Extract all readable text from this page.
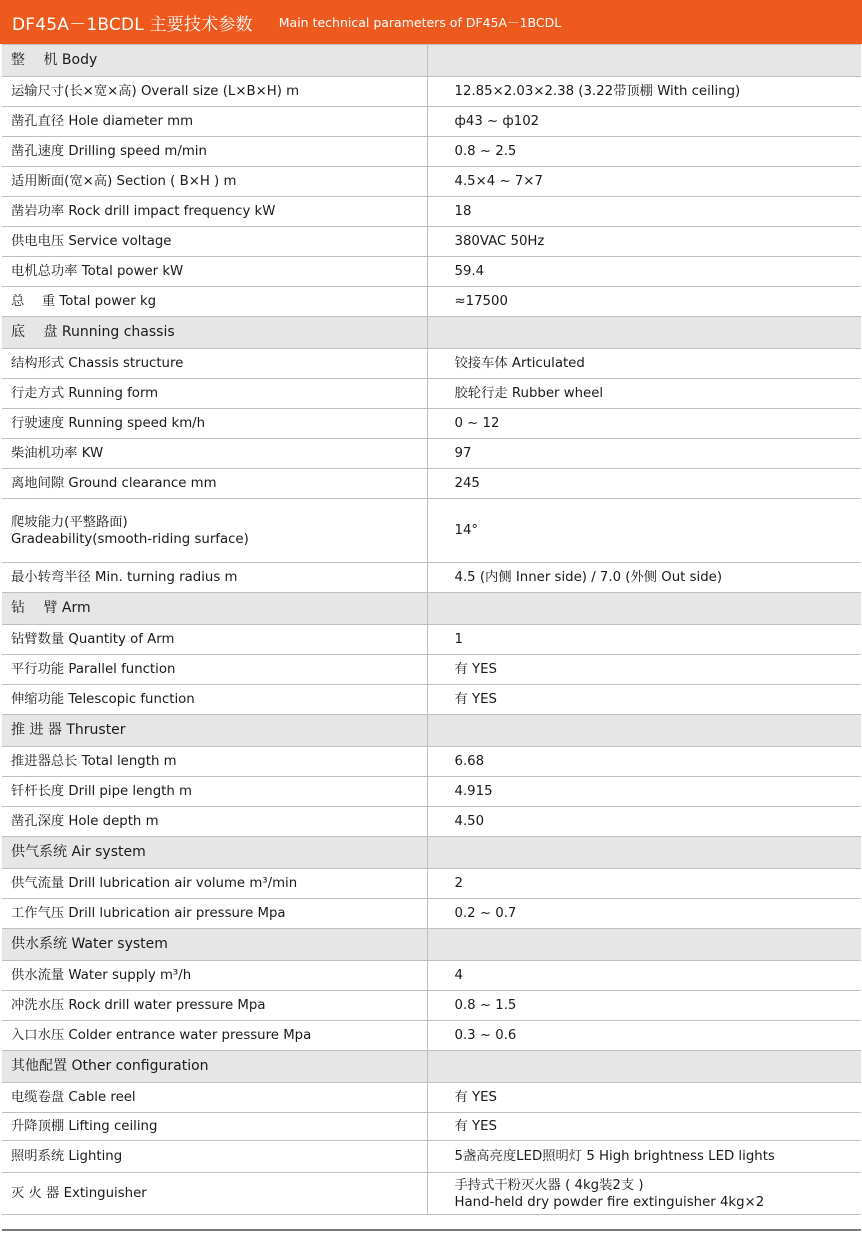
DF45A－1BCDL 主要技术参数 Main technical parameters of DF45A－1BCDL
整　 机 Body	
运输尺寸(长×宽×高) Overall size (L×B×H) m	12.85×2.03×2.38 (3.22带顶棚 With ceiling)
凿孔直径 Hole diameter mm	ф43 ~ ф102
凿孔速度 Drilling speed m/min	0.8 ~ 2.5
适用断面(宽×高) Section ( B×H ) m	4.5×4 ~ 7×7
凿岩功率 Rock drill impact frequency kW	18
供电电压 Service voltage	380VAC 50Hz
电机总功率 Total power kW	59.4
总　 重 Total power kg	≈17500
底　 盘 Running chassis	
结构形式 Chassis structure	铰接车体 Articulated
行走方式 Running form	胶轮行走 Rubber wheel
行驶速度 Running speed km/h	0 ~ 12
柴油机功率 KW	97
离地间隙 Ground clearance mm	245
爬坡能力(平整路面)
Gradeability(smooth-riding surface)	14°
最小转弯半径 Min. turning radius m	4.5 (内侧 Inner side) / 7.0 (外侧 Out side)
钻　 臂 Arm	
钻臂数量 Quantity of Arm	1
平行功能 Parallel function	有 YES
伸缩功能 Telescopic function	有 YES
推 进 器 Thruster	
推进器总长 Total length m	6.68
钎杆长度 Drill pipe length m	4.915
凿孔深度 Hole depth m	4.50
供气系统 Air system	
供气流量 Drill lubrication air volume m³/min	2
工作气压 Drill lubrication air pressure Mpa	0.2 ~ 0.7
供水系统 Water system	
供水流量 Water supply m³/h	4
冲洗水压 Rock drill water pressure Mpa	0.8 ~ 1.5
入口水压 Colder entrance water pressure Mpa	0.3 ~ 0.6
其他配置 Other configuration	
电缆卷盘 Cable reel	有 YES
升降顶棚 Lifting ceiling	有 YES
照明系统 Lighting	5盏高亮度LED照明灯 5 High brightness LED lights
灭 火 器 Extinguisher	手持式干粉灭火器 ( 4kg装2支 )
Hand-held dry powder fire extinguisher 4kg×2
